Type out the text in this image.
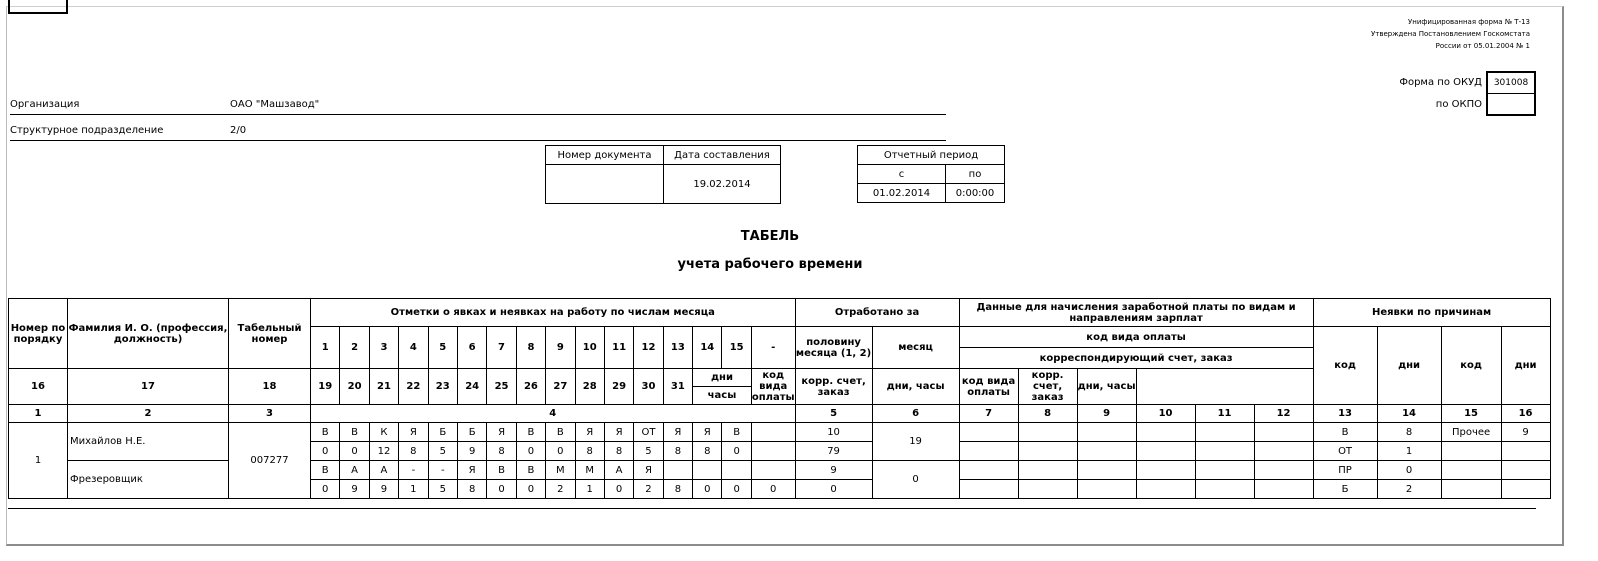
Унифицированная форма № Т-13
Утверждена Постановлением Госкомстата
России от 05.01.2004 № 1
Форма по ОКУД
по ОКПО
301008
Организация	ОАО "Машзавод"
Структурное подразделение	2/0
Номер документа	Дата составления
	19.02.2014
Отчетный период	
с	по
01.02.2014	0:00:00
ТАБЕЛЬ
учета рабочего времени
Номер по порядку	Фамилия И. О. (профессия, должность)	Табельный номер	Отметки о явках и неявках на работу по числам месяца																Отработано за		Данные для начисления заработной платы по видам и направлениям зарплат						Неявки по причинам			
			1	2	3	4	5	6	7	8	9	10	11	12	13	14	15	-	половину месяца (1, 2)	месяц	код вида оплаты						код	дни	код	дни
																					корреспондирующий счет, заказ									
16	17	18	19	20	21	22	23	24	25	26	27	28	29	30	31	дни		код вида оплаты	корр. счет, заказ	дни, часы	код вида оплаты	корр. счет, заказ	дни, часы							
																часы														
1	2	3	4																5	6	7	8	9	10	11	12	13	14	15	16
1	Михайлов Н.Е.	007277	В	В	К	Я	Б	Б	Я	В	В	Я	Я	ОТ	Я	Я	В		10	19							В	8	Прочее	9
			0	0	12	8	5	9	8	0	0	8	8	5	8	8	0		79								ОТ	1		
	Фрезеровщик		В	А	А	-	-	Я	В	В	М	М	А	Я					9	0							ПР	0		
			0	9	9	1	5	8	0	0	2	1	0	2	8	0	0	0	0								Б	2		
